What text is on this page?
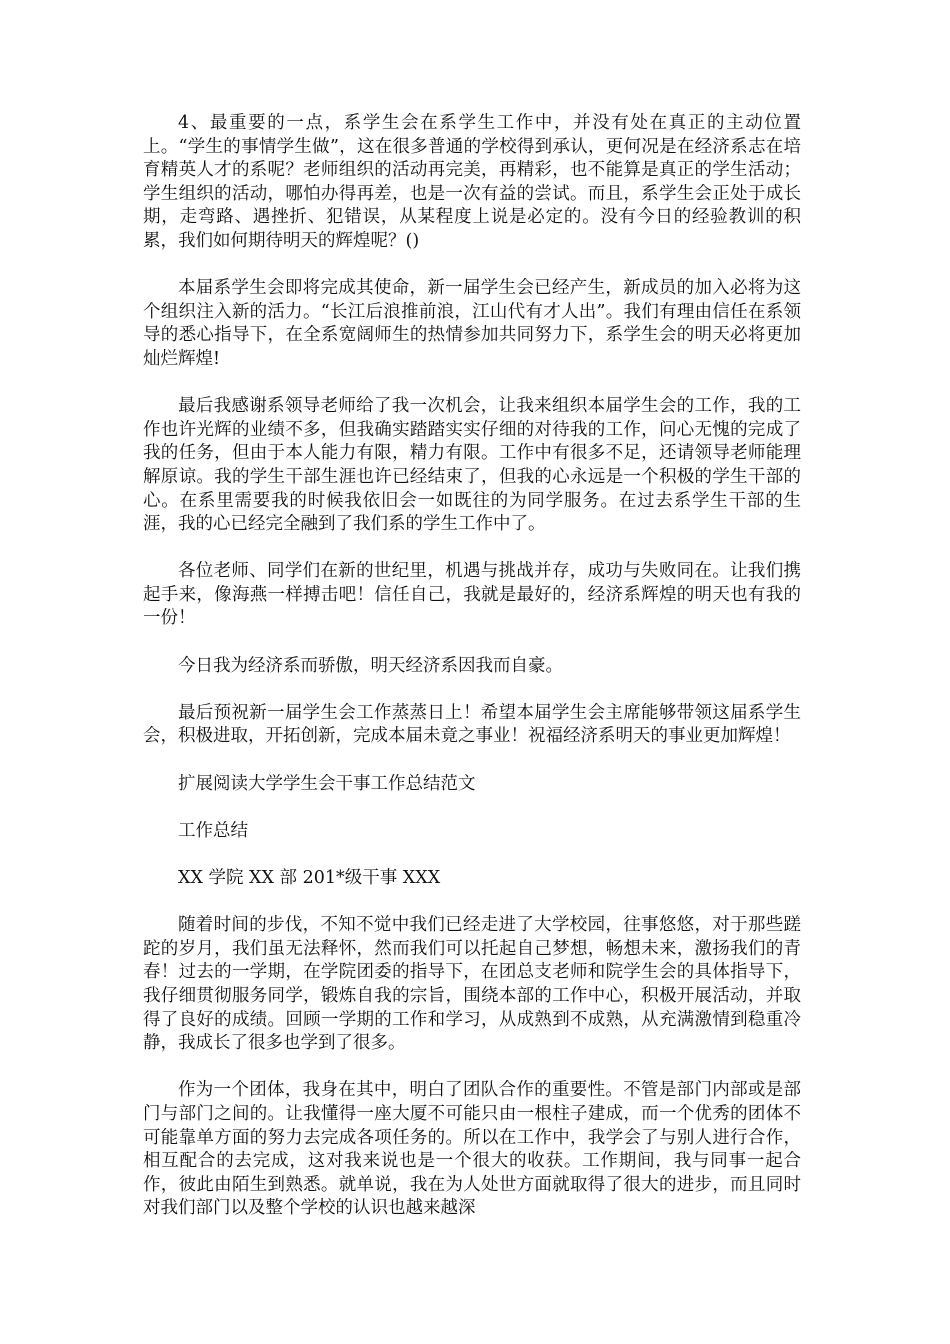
4、最重要的一点，系学生会在系学生工作中，并没有处在真正的主动位置上。“学生的事情学生做”，这在很多普通的学校得到承认，更何况是在经济系志在培育精英人才的系呢？老师组织的活动再完美，再精彩，也不能算是真正的学生活动；学生组织的活动，哪怕办得再差，也是一次有益的尝试。而且，系学生会正处于成长期，走弯路、遇挫折、犯错误，从某程度上说是必定的。没有今日的经验教训的积累，我们如何期待明天的辉煌呢？()

本届系学生会即将完成其使命，新一届学生会已经产生，新成员的加入必将为这个组织注入新的活力。“长江后浪推前浪，江山代有才人出”。我们有理由信任在系领导的悉心指导下，在全系宽阔师生的热情参加共同努力下，系学生会的明天必将更加灿烂辉煌!

最后我感谢系领导老师给了我一次机会，让我来组织本届学生会的工作，我的工作也许光辉的业绩不多，但我确实踏踏实实仔细的对待我的工作，问心无愧的完成了我的任务，但由于本人能力有限，精力有限。工作中有很多不足，还请领导老师能理解原谅。我的学生干部生涯也许已经结束了，但我的心永远是一个积极的学生干部的心。在系里需要我的时候我依旧会一如既往的为同学服务。在过去系学生干部的生涯，我的心已经完全融到了我们系的学生工作中了。

各位老师、同学们在新的世纪里，机遇与挑战并存，成功与失败同在。让我们携起手来，像海燕一样搏击吧！信任自己，我就是最好的，经济系辉煌的明天也有我的一份！

今日我为经济系而骄傲，明天经济系因我而自豪。

最后预祝新一届学生会工作蒸蒸日上！希望本届学生会主席能够带领这届系学生会，积极进取，开拓创新，完成本届未竟之事业！祝福经济系明天的事业更加辉煌！

扩展阅读大学学生会干事工作总结范文

工作总结

XX 学院 XX 部 201*级干事 XXX

随着时间的步伐，不知不觉中我们已经走进了大学校园，往事悠悠，对于那些蹉跎的岁月，我们虽无法释怀，然而我们可以托起自己梦想，畅想未来，激扬我们的青春！过去的一学期，在学院团委的指导下，在团总支老师和院学生会的具体指导下，我仔细贯彻服务同学，锻炼自我的宗旨，围绕本部的工作中心，积极开展活动，并取得了良好的成绩。回顾一学期的工作和学习，从成熟到不成熟，从充满激情到稳重冷静，我成长了很多也学到了很多。

作为一个团体，我身在其中，明白了团队合作的重要性。不管是部门内部或是部门与部门之间的。让我懂得一座大厦不可能只由一根柱子建成，而一个优秀的团体不可能靠单方面的努力去完成各项任务的。所以在工作中，我学会了与别人进行合作，相互配合的去完成，这对我来说也是一个很大的收获。工作期间，我与同事一起合作，彼此由陌生到熟悉。就单说，我在为人处世方面就取得了很大的进步，而且同时对我们部门以及整个学校的认识也越来越深
